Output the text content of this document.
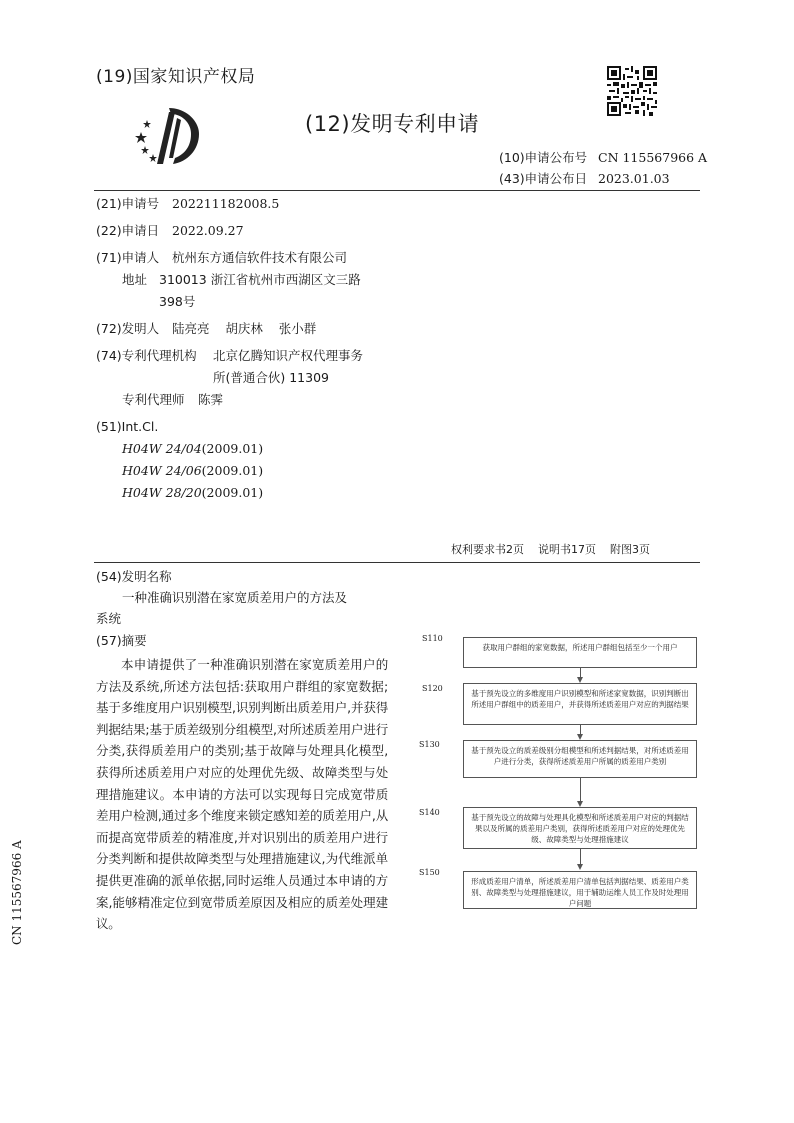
(19)国家知识产权局
(12)发明专利申请
(10)申请公布号 CN 115567966 A
(43)申请公布日 2023.01.03
(21)申请号 202211182008.5
(22)申请日 2022.09.27
(71)申请人 杭州东方通信软件技术有限公司
地址 310013 浙江省杭州市西湖区文三路
398号
(72)发明人 陆亮亮    胡庆林    张小群
(74)专利代理机构 北京亿腾知识产权代理事务
所(普通合伙) 11309
专利代理师 陈霁
(51)Int.Cl.
H04W 24/04(2009.01)
H04W 24/06(2009.01)
H04W 28/20(2009.01)
权利要求书2页    说明书17页    附图3页
(54)发明名称
一种准确识别潜在家宽质差用户的方法及
系统
(57)摘要
本申请提供了一种准确识别潜在家宽质差用户的方法及系统,所述方法包括:获取用户群组的家宽数据;基于多维度用户识别模型,识别判断出质差用户,并获得判据结果;基于质差级别分组模型,对所述质差用户进行分类,获得质差用户的类别;基于故障与处理具化模型,获得所述质差用户对应的处理优先级、故障类型与处理措施建议。本申请的方法可以实现每日完成宽带质差用户检测,通过多个维度来锁定感知差的质差用户,从而提高宽带质差的精准度,并对识别出的质差用户进行分类判断和提供故障类型与处理措施建议,为代维派单提供更准确的派单依据,同时运维人员通过本申请的方案,能够精准定位到宽带质差原因及相应的质差处理建议。
CN 115567966 A
S110
获取用户群组的家宽数据，所述用户群组包括至少一个用户
S120
基于预先设立的多维度用户识别模型和所述家宽数据，识别判断出所述用户群组中的质差用户，并获得所述质差用户对应的判据结果
S130
基于预先设立的质差级别分组模型和所述判据结果，对所述质差用户进行分类，获得所述质差用户所属的质差用户类别
S140
基于预先设立的故障与处理具化模型和所述质差用户对应的判据结果以及所属的质差用户类别，获得所述质差用户对应的处理优先级、故障类型与处理措施建议
S150
形成质差用户清单，所述质差用户清单包括判据结果、质差用户类别、故障类型与处理措施建议，用于辅助运维人员工作及时处理用户问题
